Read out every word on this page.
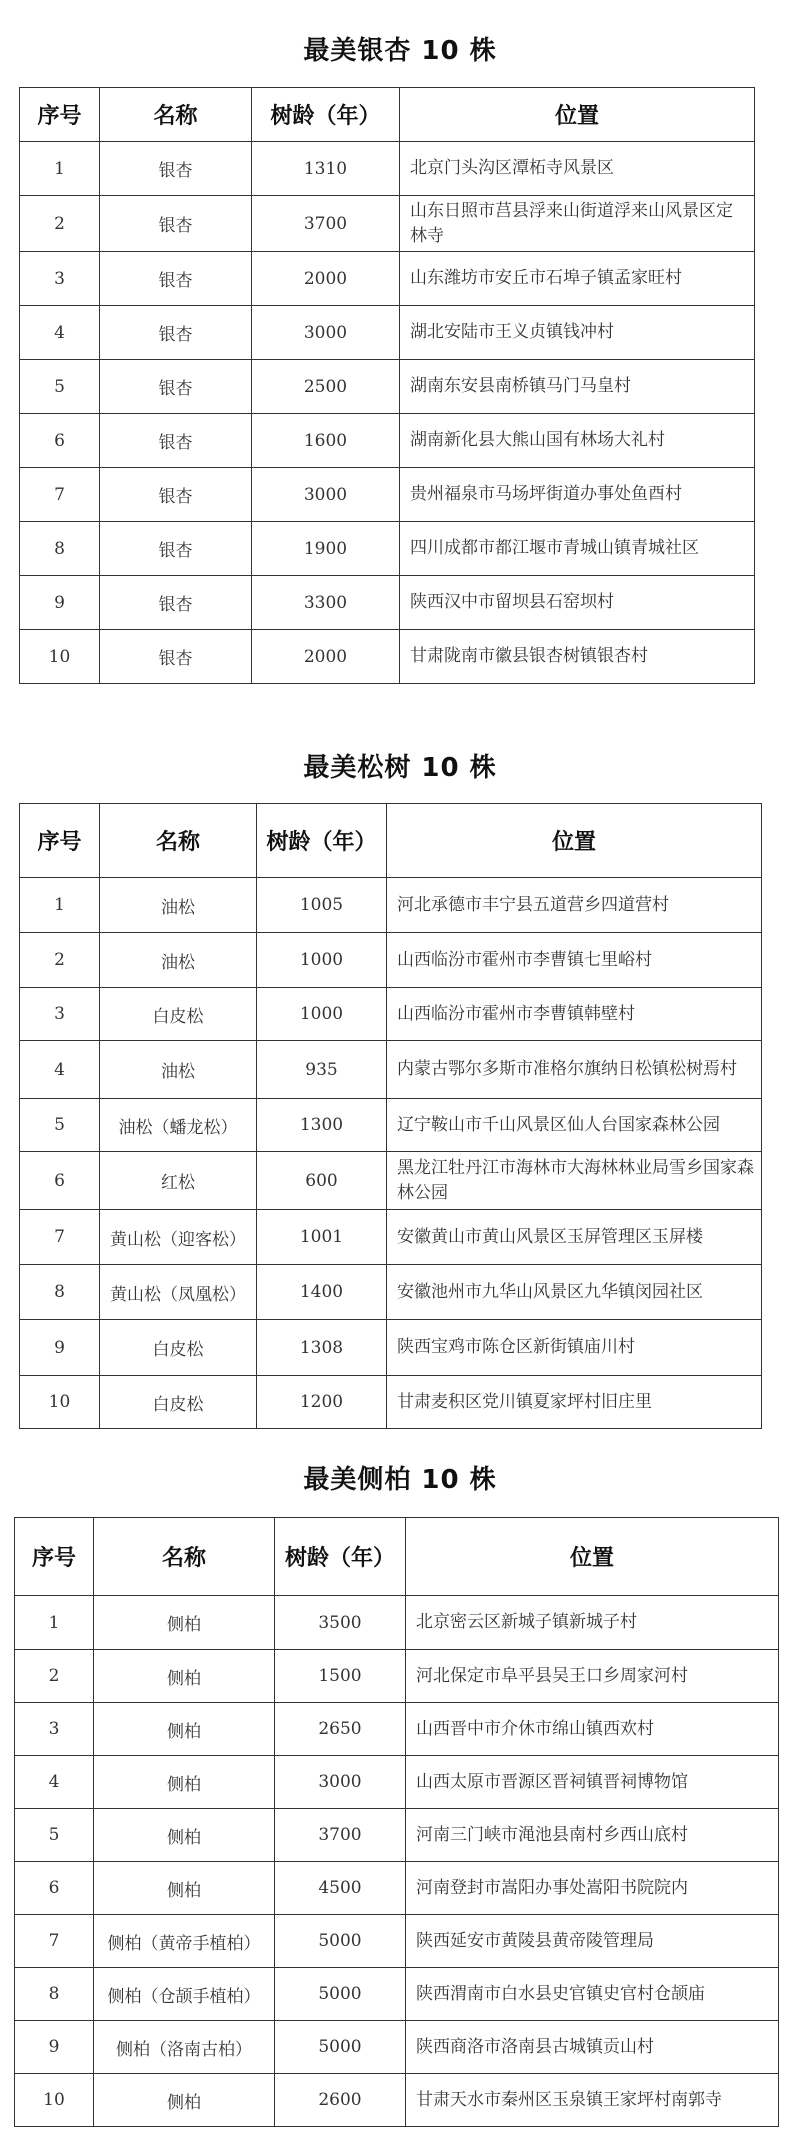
最美银杏 10 株
序号	名称	树龄（年）	位置
1	银杏	1310	北京门头沟区潭柘寺风景区
2	银杏	3700	山东日照市莒县浮来山街道浮来山风景区定林寺
3	银杏	2000	山东潍坊市安丘市石埠子镇孟家旺村
4	银杏	3000	湖北安陆市王义贞镇钱冲村
5	银杏	2500	湖南东安县南桥镇马门马皇村
6	银杏	1600	湖南新化县大熊山国有林场大礼村
7	银杏	3000	贵州福泉市马场坪街道办事处鱼酉村
8	银杏	1900	四川成都市都江堰市青城山镇青城社区
9	银杏	3300	陕西汉中市留坝县石窑坝村
10	银杏	2000	甘肃陇南市徽县银杏树镇银杏村
最美松树 10 株
序号	名称	树龄（年）	位置
1	油松	1005	河北承德市丰宁县五道营乡四道营村
2	油松	1000	山西临汾市霍州市李曹镇七里峪村
3	白皮松	1000	山西临汾市霍州市李曹镇韩壁村
4	油松	935	内蒙古鄂尔多斯市准格尔旗纳日松镇松树焉村
5	油松（蟠龙松）	1300	辽宁鞍山市千山风景区仙人台国家森林公园
6	红松	600	黑龙江牡丹江市海林市大海林林业局雪乡国家森林公园
7	黄山松（迎客松）	1001	安徽黄山市黄山风景区玉屏管理区玉屏楼
8	黄山松（凤凰松）	1400	安徽池州市九华山风景区九华镇闵园社区
9	白皮松	1308	陕西宝鸡市陈仓区新街镇庙川村
10	白皮松	1200	甘肃麦积区党川镇夏家坪村旧庄里
最美侧柏 10 株
序号	名称	树龄（年）	位置
1	侧柏	3500	北京密云区新城子镇新城子村
2	侧柏	1500	河北保定市阜平县吴王口乡周家河村
3	侧柏	2650	山西晋中市介休市绵山镇西欢村
4	侧柏	3000	山西太原市晋源区晋祠镇晋祠博物馆
5	侧柏	3700	河南三门峡市渑池县南村乡西山底村
6	侧柏	4500	河南登封市嵩阳办事处嵩阳书院院内
7	侧柏（黄帝手植柏）	5000	陕西延安市黄陵县黄帝陵管理局
8	侧柏（仓颉手植柏）	5000	陕西渭南市白水县史官镇史官村仓颉庙
9	侧柏（洛南古柏）	5000	陕西商洛市洛南县古城镇贡山村
10	侧柏	2600	甘肃天水市秦州区玉泉镇王家坪村南郭寺
